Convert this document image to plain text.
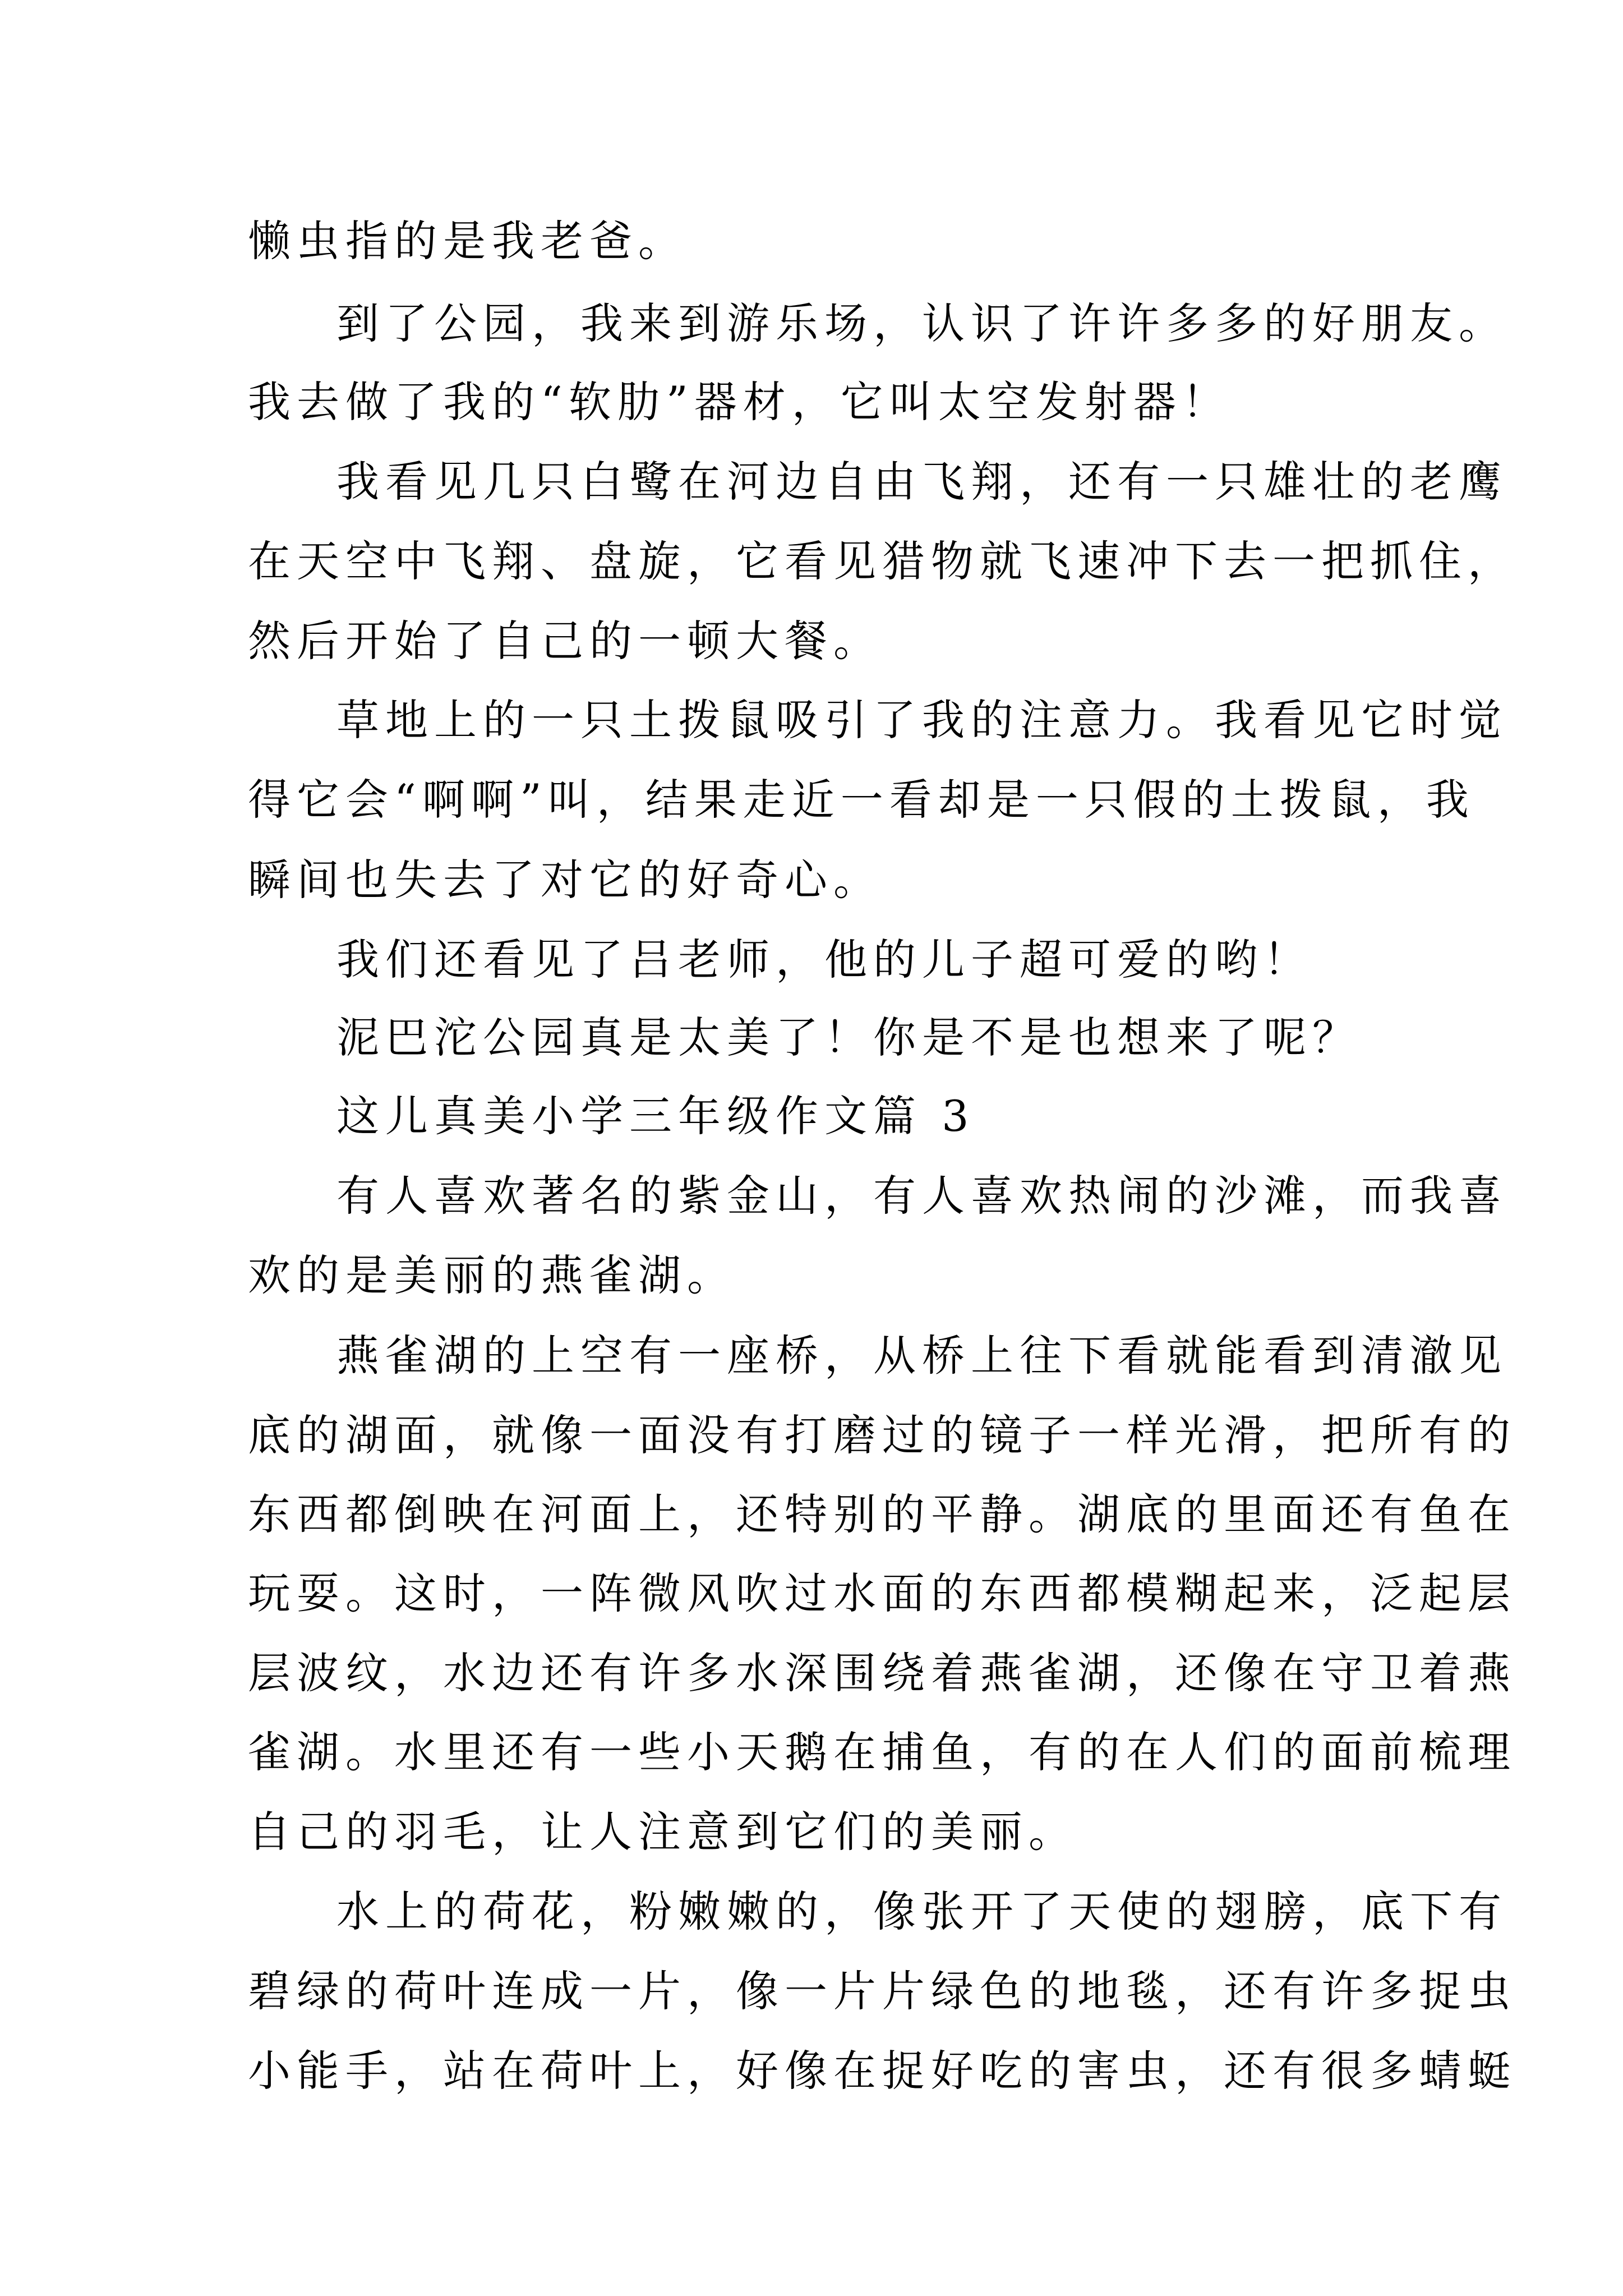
懒虫指的是我老爸。

到了公园，我来到游乐场，认识了许许多多的好朋友。

我去做了我的“软肋”器材，它叫太空发射器！

我看见几只白鹭在河边自由飞翔，还有一只雄壮的老鹰

在天空中飞翔、盘旋，它看见猎物就飞速冲下去一把抓住，

然后开始了自己的一顿大餐。

草地上的一只土拨鼠吸引了我的注意力。我看见它时觉

得它会“啊啊”叫，结果走近一看却是一只假的土拨鼠，我

瞬间也失去了对它的好奇心。

我们还看见了吕老师，他的儿子超可爱的哟！

泥巴沱公园真是太美了！你是不是也想来了呢？

这儿真美小学三年级作文篇 3

有人喜欢著名的紫金山，有人喜欢热闹的沙滩，而我喜

欢的是美丽的燕雀湖。

燕雀湖的上空有一座桥，从桥上往下看就能看到清澈见

底的湖面，就像一面没有打磨过的镜子一样光滑，把所有的

东西都倒映在河面上，还特别的平静。湖底的里面还有鱼在

玩耍。这时，一阵微风吹过水面的东西都模糊起来，泛起层

层波纹，水边还有许多水深围绕着燕雀湖，还像在守卫着燕

雀湖。水里还有一些小天鹅在捕鱼，有的在人们的面前梳理

自己的羽毛，让人注意到它们的美丽。

水上的荷花，粉嫩嫩的，像张开了天使的翅膀，底下有

碧绿的荷叶连成一片，像一片片绿色的地毯，还有许多捉虫

小能手，站在荷叶上，好像在捉好吃的害虫，还有很多蜻蜓
